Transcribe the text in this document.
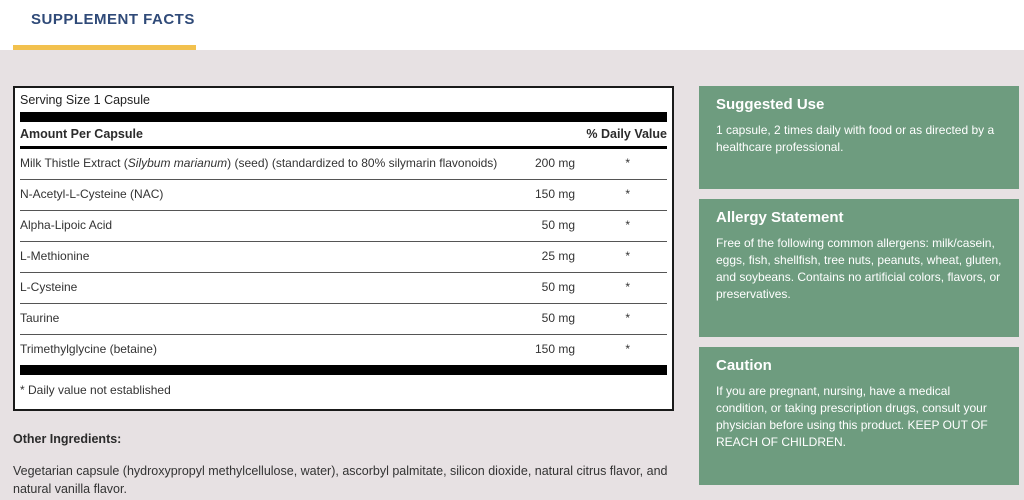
SUPPLEMENT FACTS
Serving Size 1 Capsule
Amount Per Capsule	% Daily Value
Milk Thistle Extract (Silybum marianum) (seed) (standardized to 80% silymarin flavonoids)	200 mg	*
N-Acetyl-L-Cysteine (NAC)	150 mg	*
Alpha-Lipoic Acid	50 mg	*
L-Methionine	25 mg	*
L-Cysteine	50 mg	*
Taurine	50 mg	*
Trimethylglycine (betaine)	150 mg	*
* Daily value not established
Other Ingredients:
Vegetarian capsule (hydroxypropyl methylcellulose, water), ascorbyl palmitate, silicon dioxide, natural citrus flavor, and natural vanilla flavor.
Suggested Use

1 capsule, 2 times daily with food or as directed by a healthcare professional.

Allergy Statement

Free of the following common allergens: milk/casein, eggs, fish, shellfish, tree nuts, peanuts, wheat, gluten, and soybeans. Contains no artificial colors, flavors, or preservatives.

Caution

If you are pregnant, nursing, have a medical condition, or taking prescription drugs, consult your physician before using this product. KEEP OUT OF REACH OF CHILDREN.
